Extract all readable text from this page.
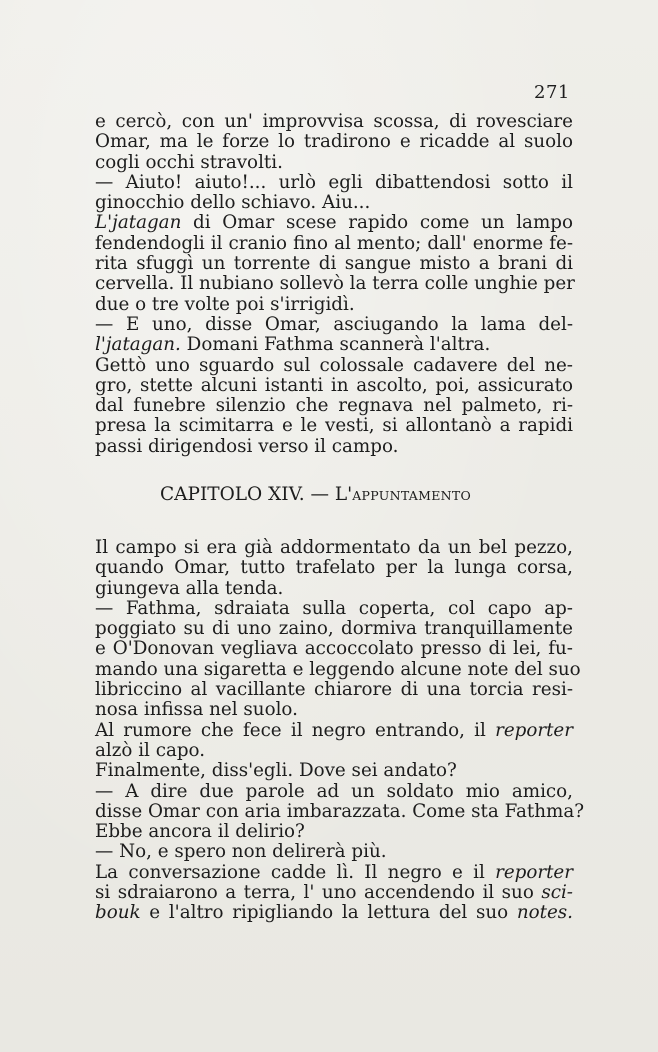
271
e cercò, con un' improvvisa scossa, di rovesciare
Omar, ma le forze lo tradirono e ricadde al suolo
cogli occhi stravolti.
— Aiuto! aiuto!... urlò egli dibattendosi sotto il
ginocchio dello schiavo. Aiu...
L'jatagan di Omar scese rapido come un lampo
fendendogli il cranio fino al mento; dall' enorme fe-
rita sfuggì un torrente di sangue misto a brani di
cervella. Il nubiano sollevò la terra colle unghie per
due o tre volte poi s'irrigidì.
— E uno, disse Omar, asciugando la lama del-
l'jatagan. Domani Fathma scannerà l'altra.
Gettò uno sguardo sul colossale cadavere del ne-
gro, stette alcuni istanti in ascolto, poi, assicurato
dal funebre silenzio che regnava nel palmeto, ri-
presa la scimitarra e le vesti, si allontanò a rapidi
passi dirigendosi verso il campo.
CAPITOLO XIV. — L'APPUNTAMENTO
Il campo si era già addormentato da un bel pezzo,
quando Omar, tutto trafelato per la lunga corsa,
giungeva alla tenda.
— Fathma, sdraiata sulla coperta, col capo ap-
poggiato su di uno zaino, dormiva tranquillamente
e O'Donovan vegliava accoccolato presso di lei, fu-
mando una sigaretta e leggendo alcune note del suo
libriccino al vacillante chiarore di una torcia resi-
nosa infissa nel suolo.
Al rumore che fece il negro entrando, il reporter
alzò il capo.
Finalmente, diss'egli. Dove sei andato?
— A dire due parole ad un soldato mio amico,
disse Omar con aria imbarazzata. Come sta Fathma?
Ebbe ancora il delirio?
— No, e spero non delirerà più.
La conversazione cadde lì. Il negro e il reporter
si sdraiarono a terra, l' uno accendendo il suo sci-
bouk e l'altro ripigliando la lettura del suo notes.
